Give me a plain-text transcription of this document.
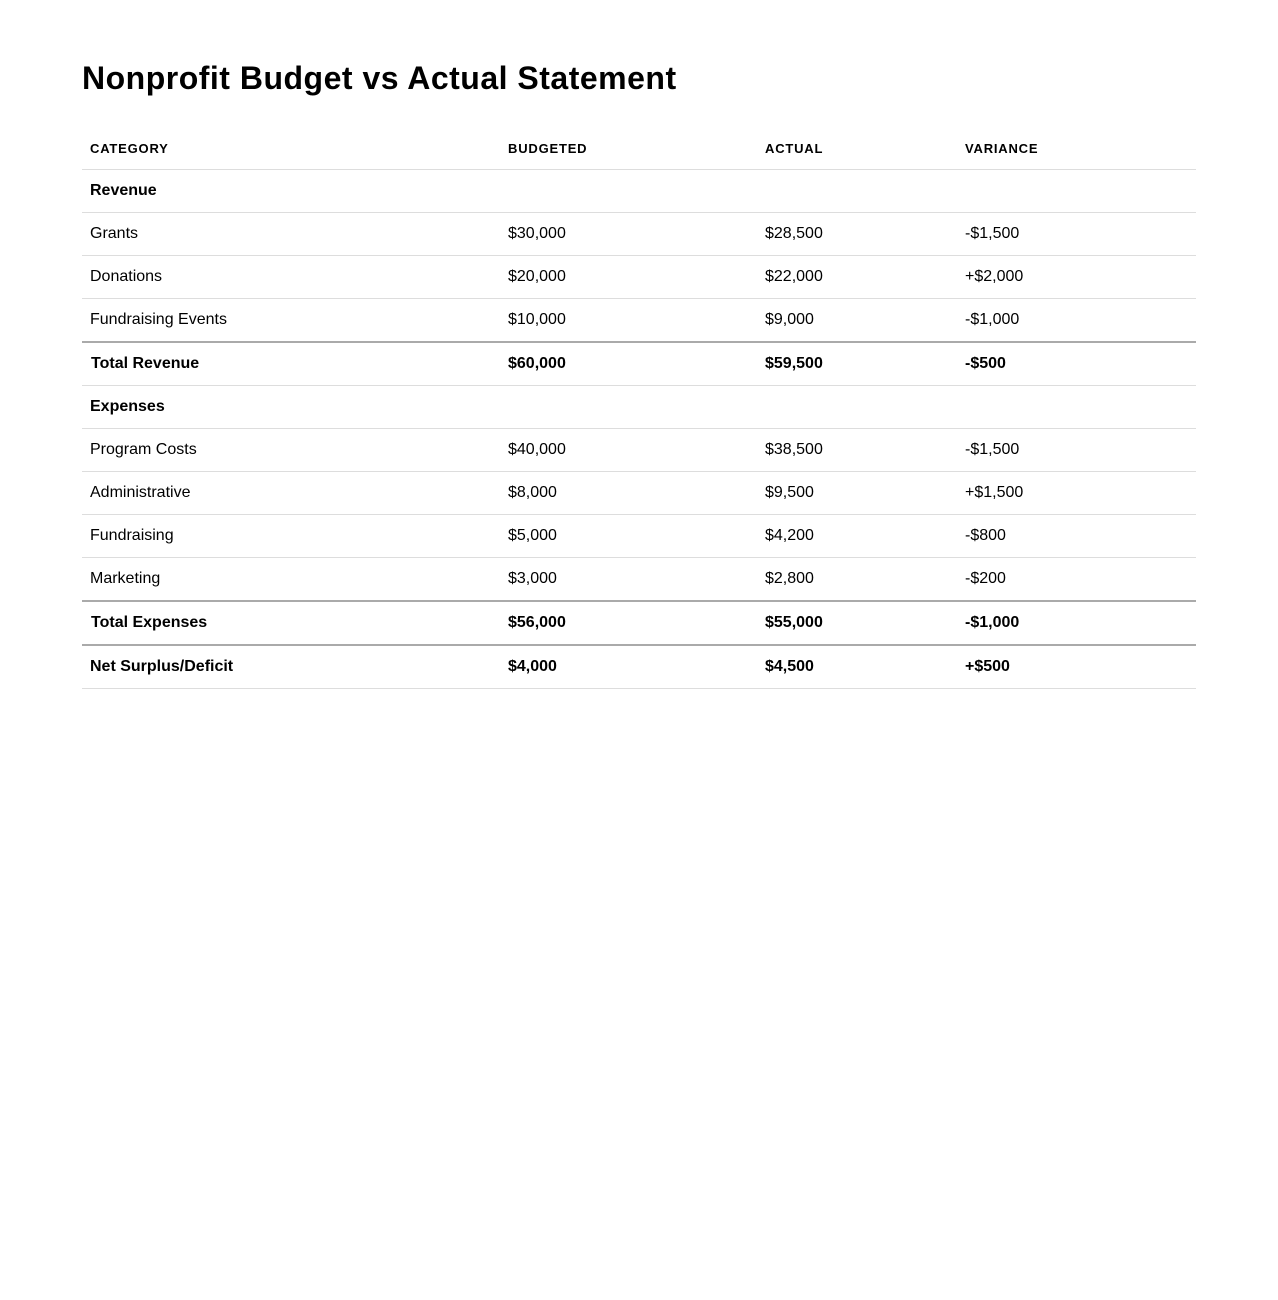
Nonprofit Budget vs Actual Statement
CATEGORY	BUDGETED	ACTUAL	VARIANCE
Revenue			
Grants	$30,000	$28,500	-$1,500
Donations	$20,000	$22,000	+$2,000
Fundraising Events	$10,000	$9,000	-$1,000
Total Revenue	$60,000	$59,500	-$500
Expenses			
Program Costs	$40,000	$38,500	-$1,500
Administrative	$8,000	$9,500	+$1,500
Fundraising	$5,000	$4,200	-$800
Marketing	$3,000	$2,800	-$200
Total Expenses	$56,000	$55,000	-$1,000
Net Surplus/Deficit	$4,000	$4,500	+$500
